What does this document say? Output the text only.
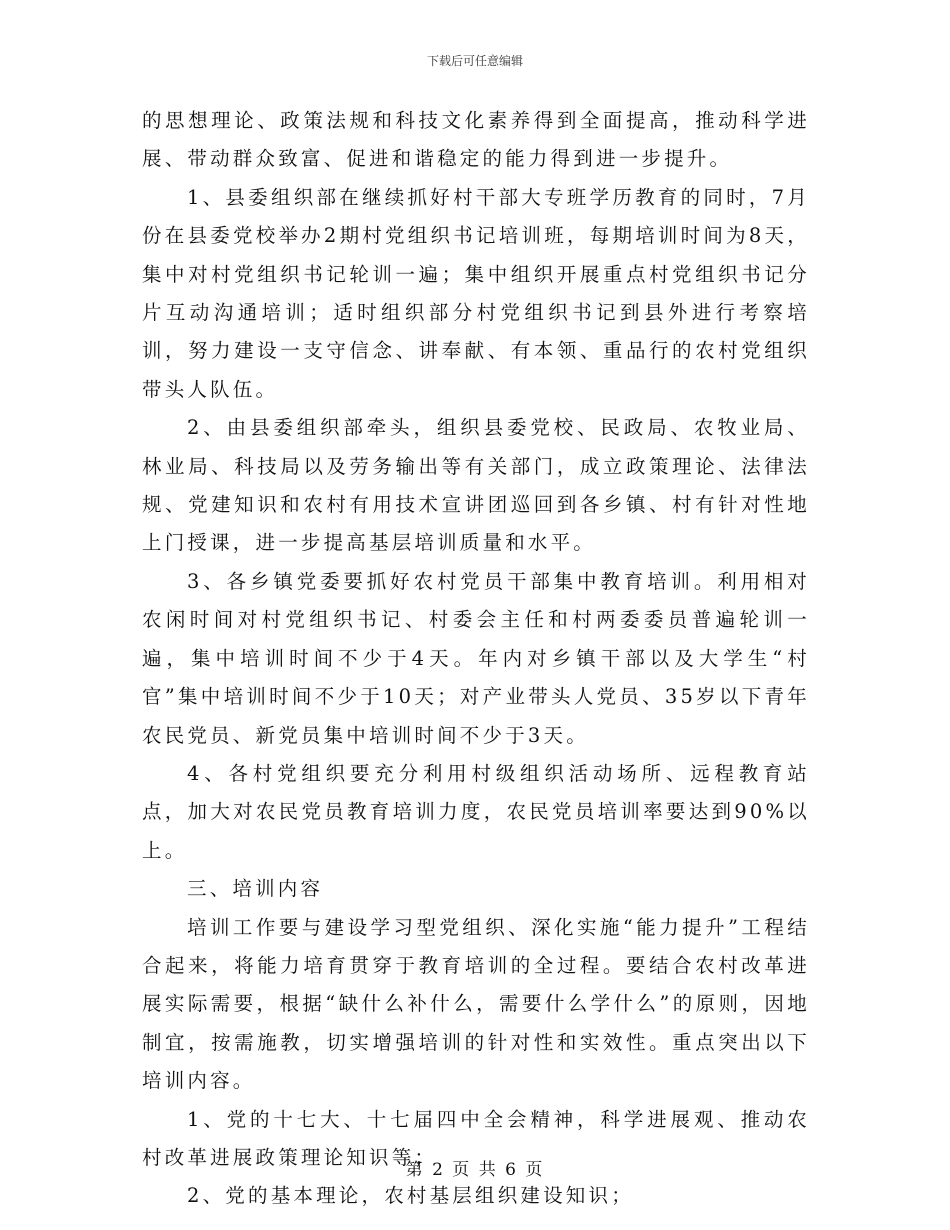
下载后可任意编辑

的思想理论、政策法规和科技文化素养得到全面提高，推动科学进展、带动群众致富、促进和谐稳定的能力得到进一步提升。

1、县委组织部在继续抓好村干部大专班学历教育的同时，7月份在县委党校举办2期村党组织书记培训班，每期培训时间为8天，集中对村党组织书记轮训一遍；集中组织开展重点村党组织书记分片互动沟通培训；适时组织部分村党组织书记到县外进行考察培训，努力建设一支守信念、讲奉献、有本领、重品行的农村党组织带头人队伍。

2、由县委组织部牵头，组织县委党校、民政局、农牧业局、林业局、科技局以及劳务输出等有关部门，成立政策理论、法律法规、党建知识和农村有用技术宣讲团巡回到各乡镇、村有针对性地上门授课，进一步提高基层培训质量和水平。

3、各乡镇党委要抓好农村党员干部集中教育培训。利用相对农闲时间对村党组织书记、村委会主任和村两委委员普遍轮训一遍，集中培训时间不少于4天。年内对乡镇干部以及大学生“村官”集中培训时间不少于10天；对产业带头人党员、35岁以下青年农民党员、新党员集中培训时间不少于3天。

4、各村党组织要充分利用村级组织活动场所、远程教育站点，加大对农民党员教育培训力度，农民党员培训率要达到90%以上。

三、培训内容

培训工作要与建设学习型党组织、深化实施“能力提升”工程结合起来，将能力培育贯穿于教育培训的全过程。要结合农村改革进展实际需要，根据“缺什么补什么，需要什么学什么”的原则，因地制宜，按需施教，切实增强培训的针对性和实效性。重点突出以下培训内容。

1、党的十七大、十七届四中全会精神，科学进展观、推动农村改革进展政策理论知识等；

2、党的基本理论，农村基层组织建设知识；

第 2 页 共 6 页
